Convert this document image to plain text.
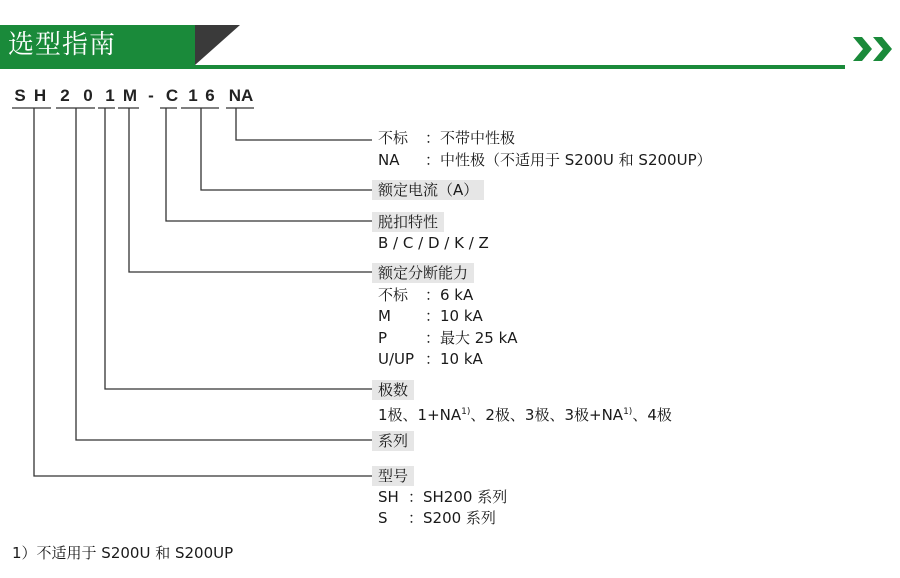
选型指南
S H 2 0 1 M - C 1 6 NA
不标 ：不带中性极
NA ：中性极（不适用于 S200U 和 S200UP）
额定电流（A）
脱扣特性
B / C / D / K / Z
额定分断能力
不标 ：6 kA
M ：10 kA
P	：最大 25 kA
U/UP ：10 kA
极数
1极、$1+NA^{1)}$、2极、3极、3极$+NA^{1)}$、4极
系列
型号
SH ：SH200 系列
S ：S200 系列
1）不适用于 S200U 和 S200UP
